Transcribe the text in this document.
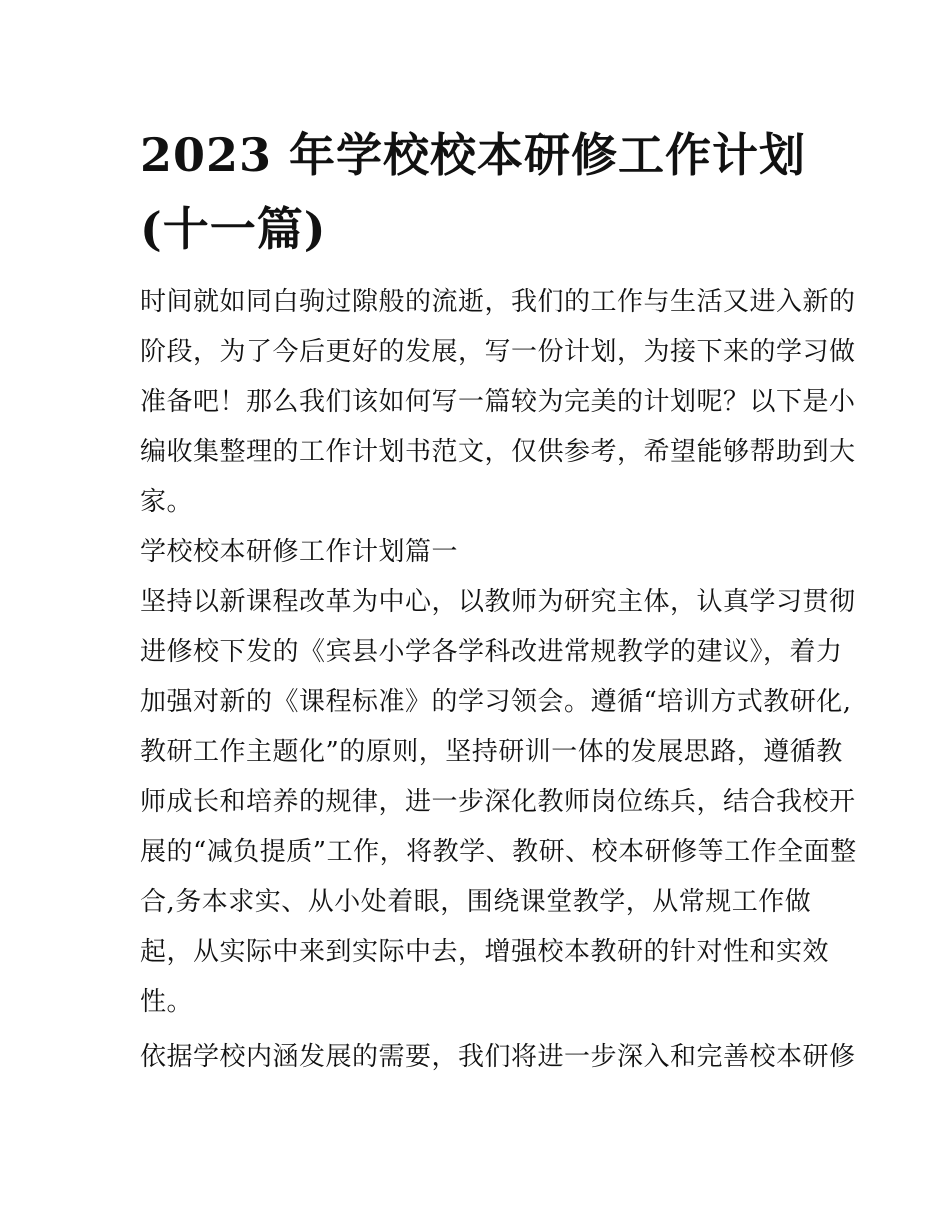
2023 年学校校本研修工作计划
(十一篇)

时间就如同白驹过隙般的流逝，我们的工作与生活又进入新的

阶段，为了今后更好的发展，写一份计划，为接下来的学习做

准备吧！那么我们该如何写一篇较为完美的计划呢？以下是小

编收集整理的工作计划书范文，仅供参考，希望能够帮助到大

家。

学校校本研修工作计划篇一

坚持以新课程改革为中心，以教师为研究主体，认真学习贯彻

进修校下发的《宾县小学各学科改进常规教学的建议》，着力

加强对新的《课程标准》的学习领会。遵循“培训方式教研化,

教研工作主题化”的原则，坚持研训一体的发展思路，遵循教

师成长和培养的规律，进一步深化教师岗位练兵，结合我校开

展的“减负提质”工作，将教学、教研、校本研修等工作全面整

合,务本求实、从小处着眼，围绕课堂教学，从常规工作做

起，从实际中来到实际中去，增强校本教研的针对性和实效

性。

依据学校内涵发展的需要，我们将进一步深入和完善校本研修
